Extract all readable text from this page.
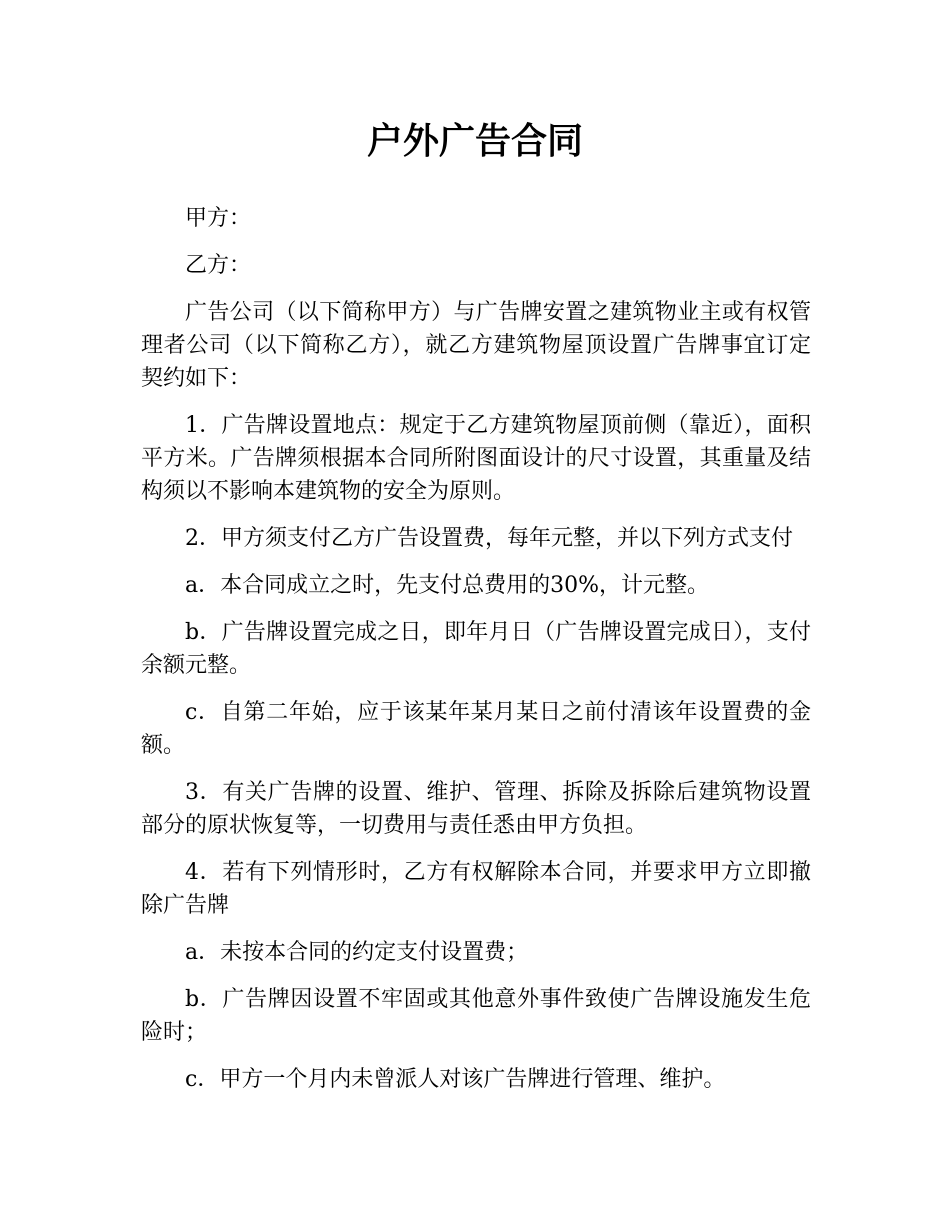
户外广告合同

甲方：

乙方：

广告公司（以下简称甲方）与广告牌安置之建筑物业主或有权管理者公司（以下简称乙方），就乙方建筑物屋顶设置广告牌事宜订定契约如下：

1．广告牌设置地点：规定于乙方建筑物屋顶前侧（靠近），面积平方米。广告牌须根据本合同所附图面设计的尺寸设置，其重量及结构须以不影响本建筑物的安全为原则。

2．甲方须支付乙方广告设置费，每年元整，并以下列方式支付

a．本合同成立之时，先支付总费用的30%，计元整。

b．广告牌设置完成之日，即年月日（广告牌设置完成日），支付余额元整。

c．自第二年始，应于该某年某月某日之前付清该年设置费的金额。

3．有关广告牌的设置、维护、管理、拆除及拆除后建筑物设置部分的原状恢复等，一切费用与责任悉由甲方负担。

4．若有下列情形时，乙方有权解除本合同，并要求甲方立即撤除广告牌

a．未按本合同的约定支付设置费；

b．广告牌因设置不牢固或其他意外事件致使广告牌设施发生危险时；

c．甲方一个月内未曾派人对该广告牌进行管理、维护。
